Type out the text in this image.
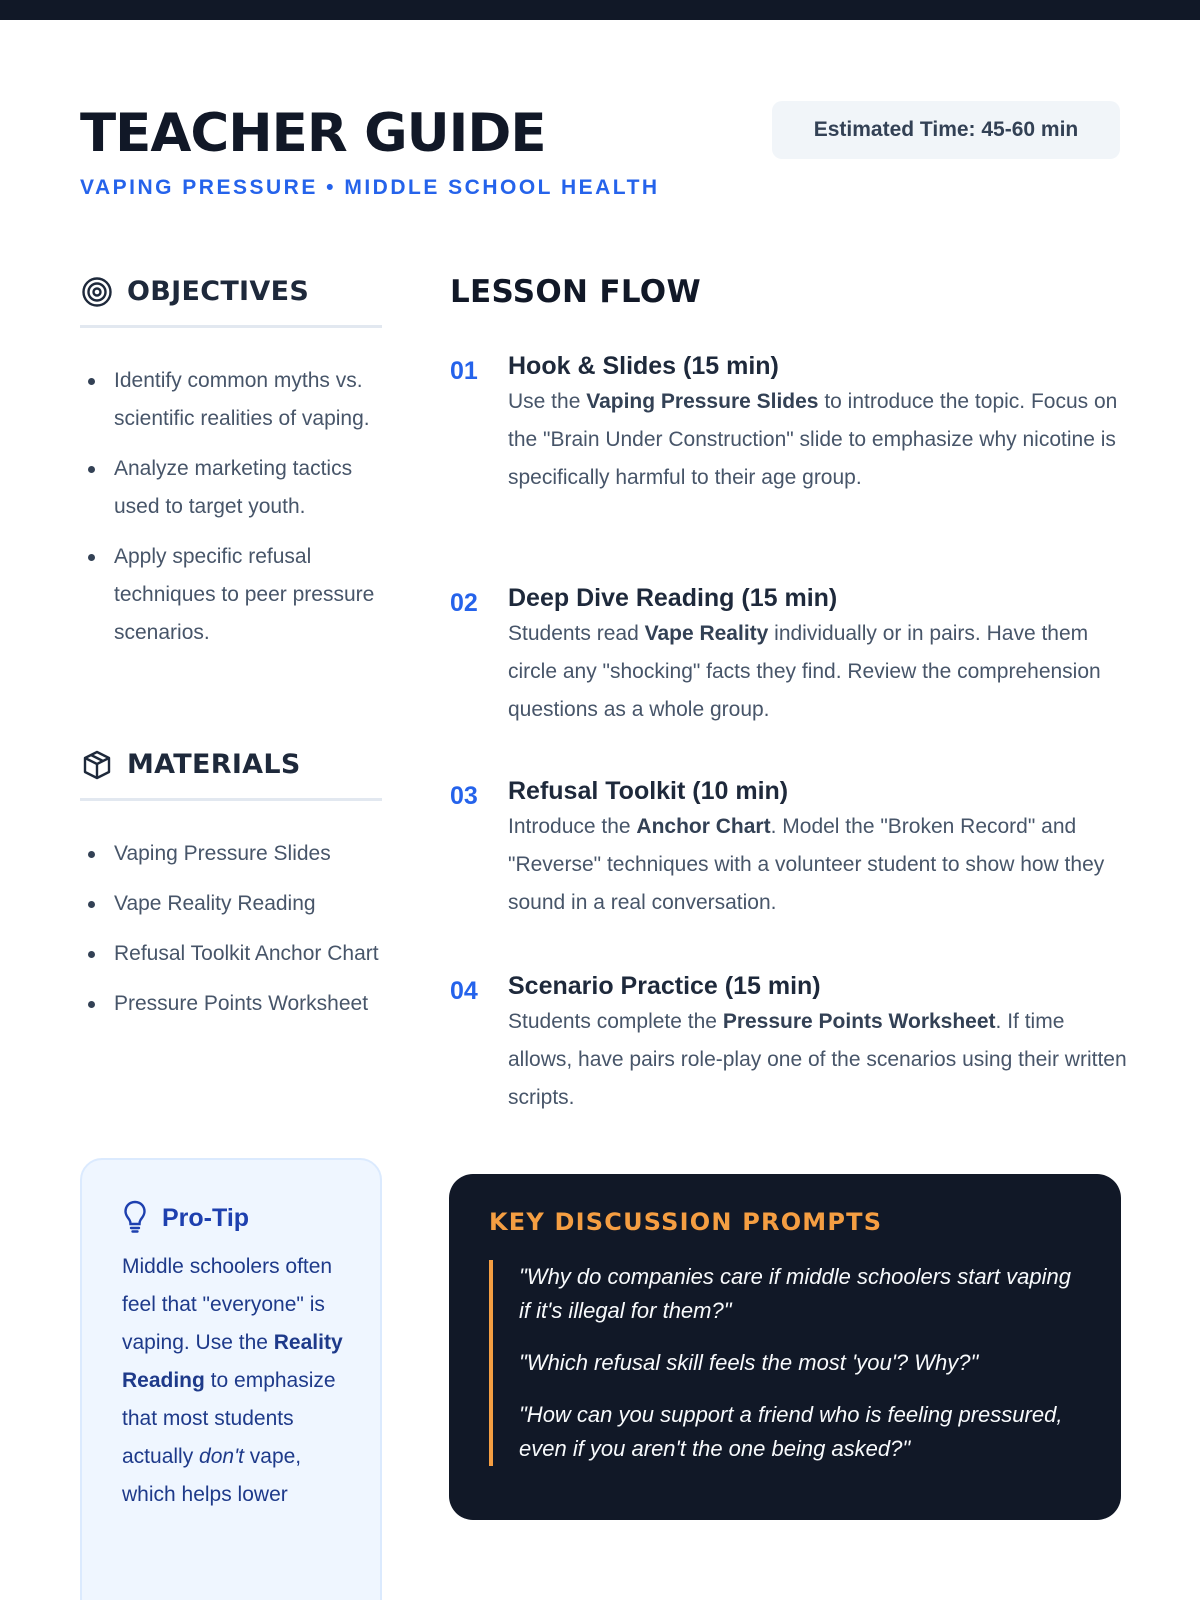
TEACHER GUIDE
VAPING PRESSURE • MIDDLE SCHOOL HEALTH
Estimated Time: 45-60 min
OBJECTIVES
Identify common myths vs. scientific realities of vaping.
Analyze marketing tactics used to target youth.
Apply specific refusal techniques to peer pressure scenarios.
MATERIALS
Vaping Pressure Slides
Vape Reality Reading
Refusal Toolkit Anchor Chart
Pressure Points Worksheet
Pro-Tip

Middle schoolers often feel that "everyone" is vaping. Use the Reality Reading to emphasize that most students actually don't vape, which helps lower

LESSON FLOW
01 Hook & Slides (15 min)

Use the Vaping Pressure Slides to introduce the topic. Focus on the "Brain Under Construction" slide to emphasize why nicotine is specifically harmful to their age group.

02 Deep Dive Reading (15 min)

Students read Vape Reality individually or in pairs. Have them circle any "shocking" facts they find. Review the comprehension questions as a whole group.

03 Refusal Toolkit (10 min)

Introduce the Anchor Chart. Model the "Broken Record" and "Reverse" techniques with a volunteer student to show how they sound in a real conversation.

04 Scenario Practice (15 min)

Students complete the Pressure Points Worksheet. If time allows, have pairs role-play one of the scenarios using their written scripts.

KEY DISCUSSION PROMPTS

"Why do companies care if middle schoolers start vaping if it's illegal for them?"

"Which refusal skill feels the most 'you'? Why?"

"How can you support a friend who is feeling pressured, even if you aren't the one being asked?"
